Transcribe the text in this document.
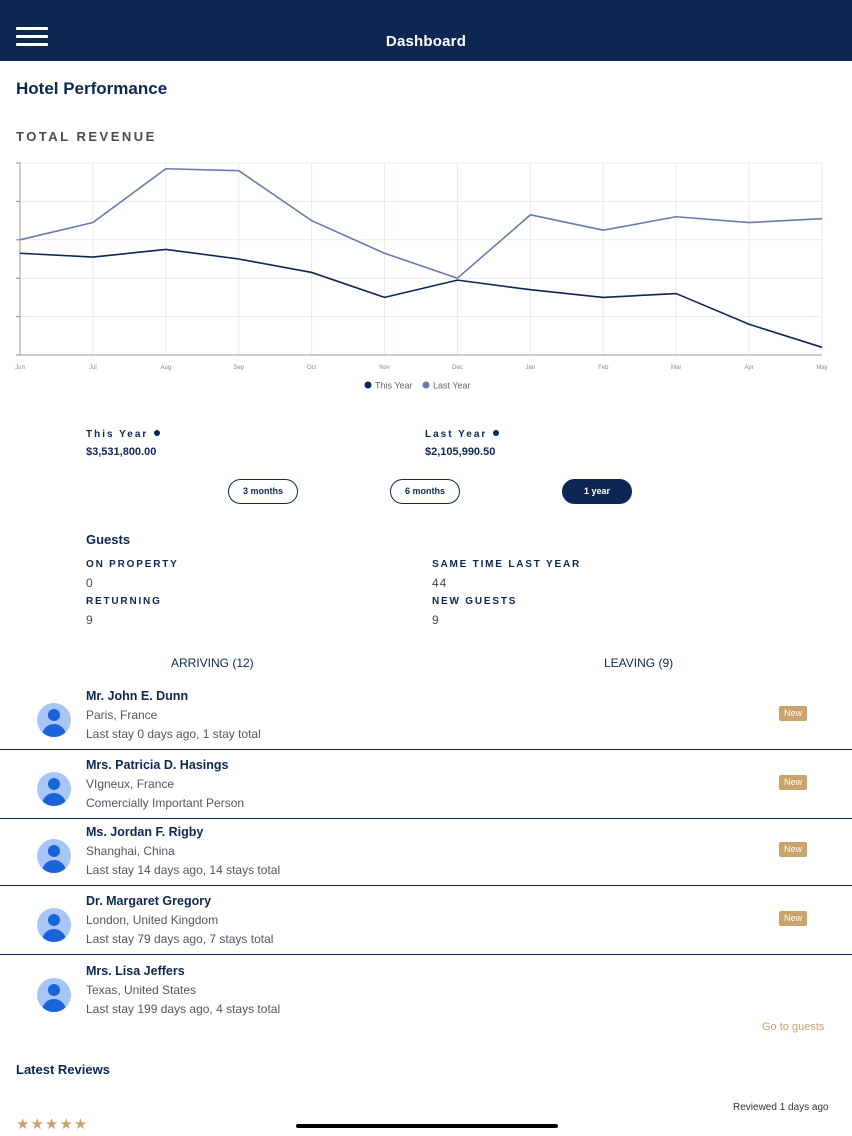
Dashboard
Hotel Performance
TOTAL REVENUE
Jun	Jul	Aug	Sep	Oct	Nov	Dec	Jan	Feb	Mar	Apr	May
This Year Last Year
This Year
$3,531,800.00
Last Year
$2,105,990.50
3 months	6 months	1 year
Guests
ON PROPERTY
0
SAME TIME LAST YEAR
44
RETURNING
9
NEW GUESTS
9
ARRIVING (12)	LEAVING (9)
Mr. John E. Dunn
Paris, France
Last stay 0 days ago, 1 stay total
New
Mrs. Patricia D. Hasings
VIgneux, France
Comercially Important Person
New
Ms. Jordan F. Rigby
Shanghai, China
Last stay 14 days ago, 14 stays total
New
Dr. Margaret Gregory
London, United Kingdom
Last stay 79 days ago, 7 stays total
New
Mrs. Lisa Jeffers
Texas, United States
Last stay 199 days ago, 4 stays total
Go to guests
Latest Reviews
Reviewed 1 days ago
★★★★★
